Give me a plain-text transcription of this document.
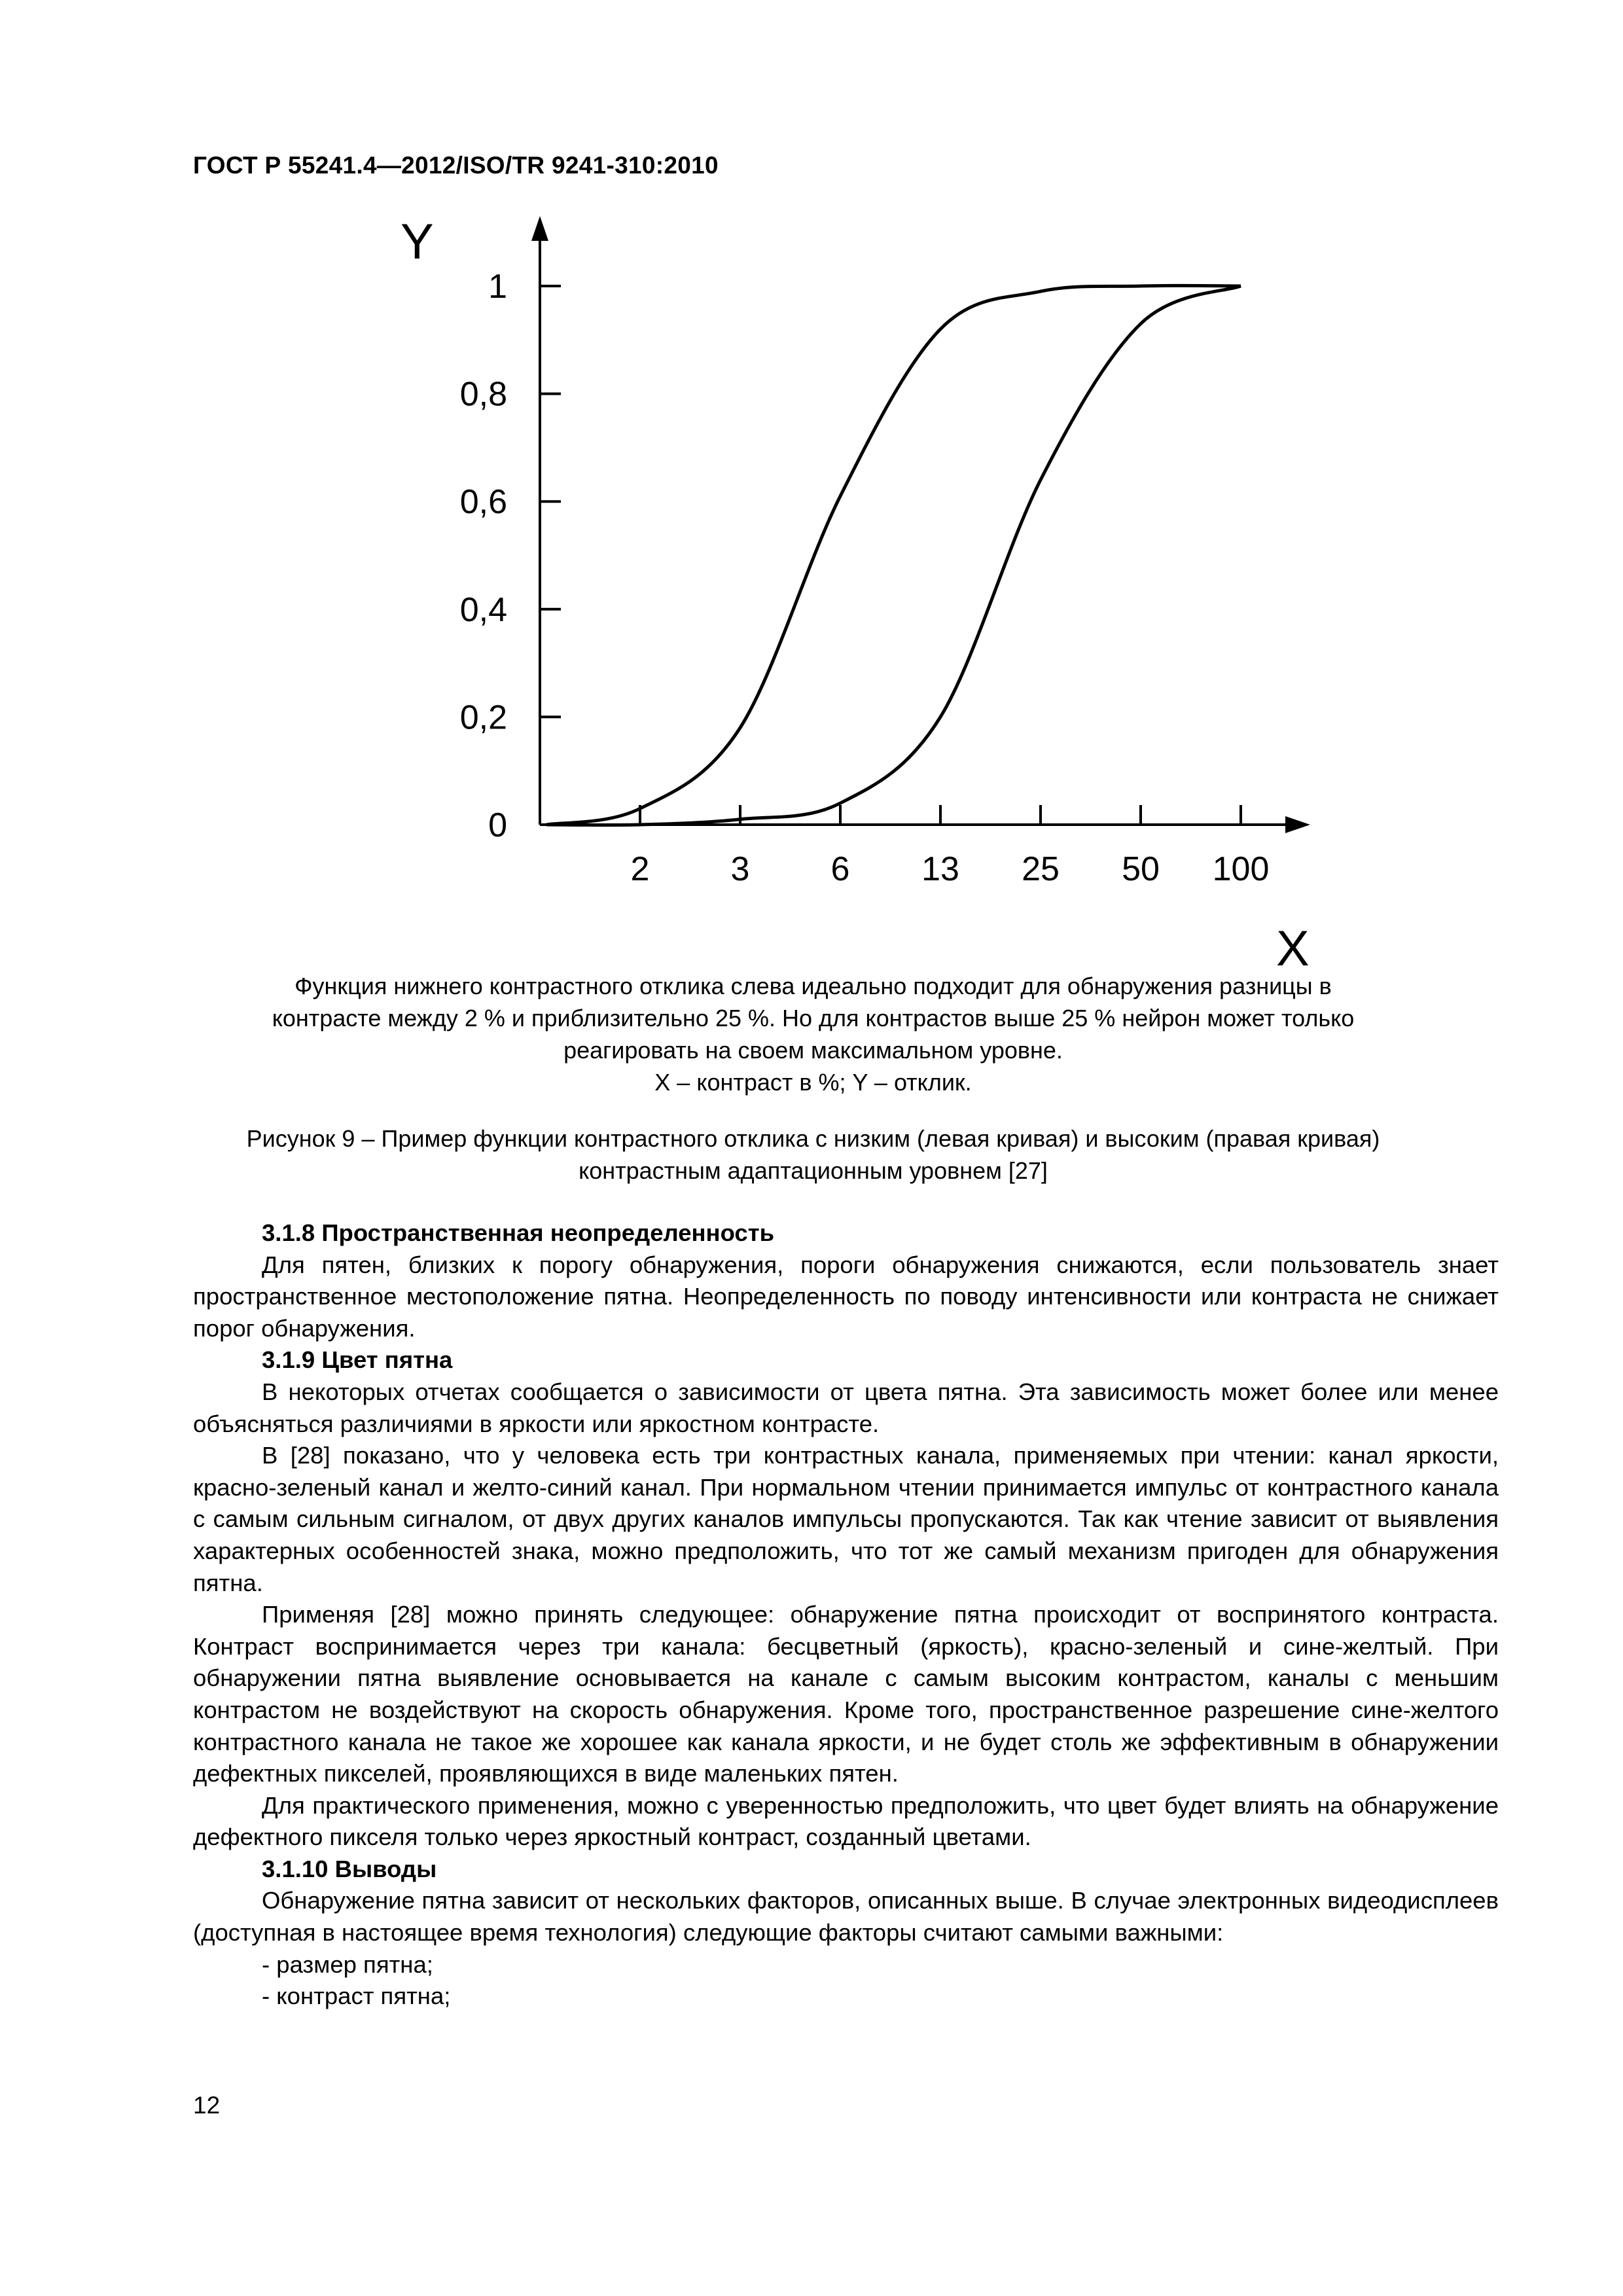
ГОСТ Р 55241.4—2012/ISO/TR 9241-310:2010
Y
X
0
0,2
0,4
0,6
0,8
1
2 3 6 13 25 50 100
Функция нижнего контрастного отклика слева идеально подходит для обнаружения разницы в
контрасте между 2 % и приблизительно 25 %. Но для контрастов выше 25 % нейрон может только
реагировать на своем максимальном уровне.
X – контраст в %; Y – отклик.
Рисунок 9 – Пример функции контрастного отклика с низким (левая кривая) и высоким (правая кривая)
контрастным адаптационным уровнем [27]
3.1.8 Пространственная неопределенность

Для пятен, близких к порогу обнаружения, пороги обнаружения снижаются, если пользователь знает пространственное местоположение пятна. Неопределенность по поводу интенсивности или контраста не снижает порог обнаружения.

3.1.9 Цвет пятна

В некоторых отчетах сообщается о зависимости от цвета пятна. Эта зависимость может более или менее объясняться различиями в яркости или яркостном контрасте.

В [28] показано, что у человека есть три контрастных канала, применяемых при чтении: канал яркости, красно-зеленый канал и желто-синий канал. При нормальном чтении принимается импульс от контрастного канала с самым сильным сигналом, от двух других каналов импульсы пропускаются. Так как чтение зависит от выявления характерных особенностей знака, можно предположить, что тот же самый механизм пригоден для обнаружения пятна.

Применяя [28] можно принять следующее: обнаружение пятна происходит от воспринятого контраста. Контраст воспринимается через три канала: бесцветный (яркость), красно-зеленый и сине-желтый. При обнаружении пятна выявление основывается на канале с самым высоким контрастом, каналы с меньшим контрастом не воздействуют на скорость обнаружения. Кроме того, пространственное разрешение сине-желтого контрастного канала не такое же хорошее как канала яркости, и не будет столь же эффективным в обнаружении дефектных пикселей, проявляющихся в виде маленьких пятен.

Для практического применения, можно с уверенностью предположить, что цвет будет влиять на обнаружение дефектного пикселя только через яркостный контраст, созданный цветами.

3.1.10 Выводы

Обнаружение пятна зависит от нескольких факторов, описанных выше. В случае электронных видеодисплеев (доступная в настоящее время технология) следующие факторы считают самыми важными:

- размер пятна;
- контраст пятна;
12
